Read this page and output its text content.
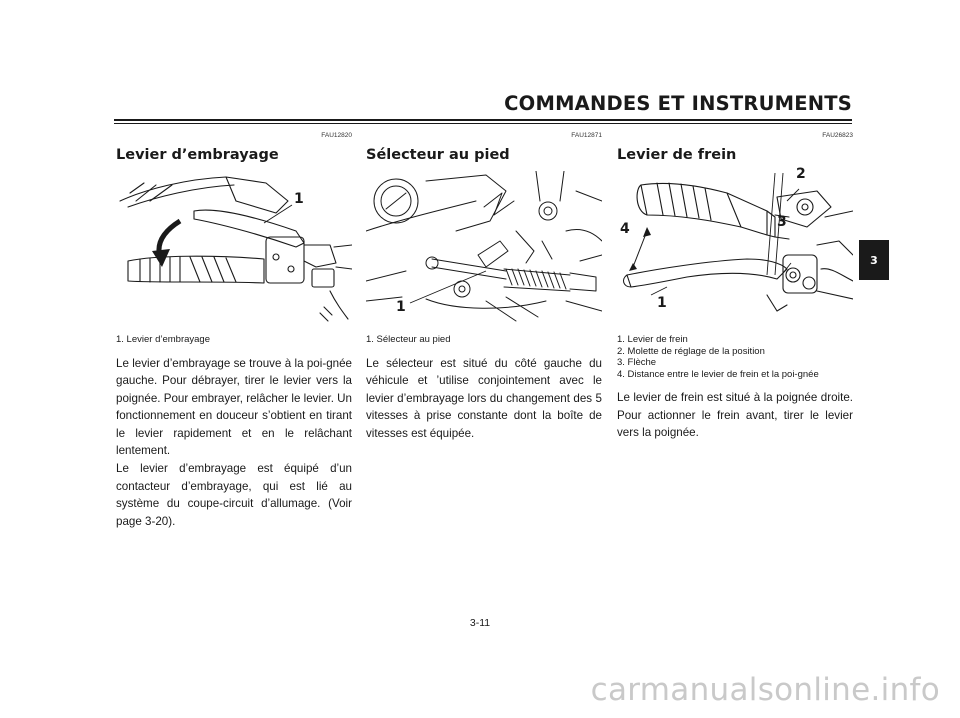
COMMANDES ET INSTRUMENTS
3
FAU12820
Levier d’embrayage
1
1. Levier d’embrayage

Le levier d’embrayage se trouve à la poi-gnée gauche. Pour débrayer, tirer le levier vers la poignée. Pour embrayer, relâcher le levier. Un fonctionnement en douceur s’obtient en tirant le levier rapidement et en le relâchant lentement.

Le levier d’embrayage est équipé d’un contacteur d’embrayage, qui est lié au système du coupe-circuit d’allumage. (Voir page 3-20).

FAU12871
Sélecteur au pied
1
1. Sélecteur au pied

Le sélecteur est situé du côté gauche du véhicule et ’utilise conjointement avec le levier d’embrayage lors du changement des 5 vitesses à prise constante dont la boîte de vitesses est équipée.

FAU26823
Levier de frein
2
4	3
1
1. Levier de frein
2. Molette de réglage de la position
3. Flèche
4. Distance entre le levier de frein et la poi-gnée

Le levier de frein est situé à la poignée droite. Pour actionner le frein avant, tirer le levier vers la poignée.

3-11
carmanualsonline.info
